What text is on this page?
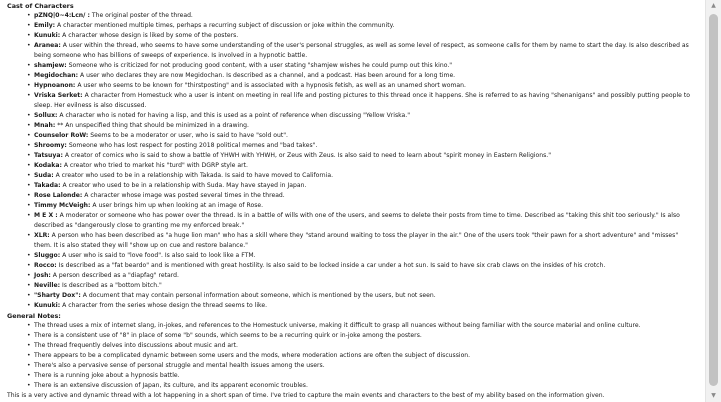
Cast of Characters
• pZNQ|0~4:Lcn/ : The original poster of the thread.
• Emily: A character mentioned multiple times, perhaps a recurring subject of discussion or joke within the community.
• Kunuki: A character whose design is liked by some of the posters.
• Aranea: A user within the thread, who seems to have some understanding of the user's personal struggles, as well as some level of respect, as someone calls for them by name to start the day. Is also described as being someone who has billions of sweeps of experience. Is involved in a hypnotic battle.
• shamjew: Someone who is criticized for not producing good content, with a user stating "shamjew wishes he could pump out this kino."
• Megidochan: A user who declares they are now Megidochan. Is described as a channel, and a podcast. Has been around for a long time.
• Hypnoanon: A user who seems to be known for "thirstposting" and is associated with a hypnosis fetish, as well as an unamed short woman.
• Vriska Serket: A character from Homestuck who a user is intent on meeting in real life and posting pictures to this thread once it happens. She is referred to as having "shenanigans" and possibly putting people to sleep. Her evilness is also discussed.
• Sollux: A character who is noted for having a lisp, and this is used as a point of reference when discussing "Yellow Vriska."
• Mnah: ** An unspecified thing that should be minimized in a drawing.
• Counselor RoW: Seems to be a moderator or user, who is said to have "sold out".
• Shroomy: Someone who has lost respect for posting 2018 political memes and "bad takes".
• Tatsuya: A creator of comics who is said to show a battle of YHWH with YHWH, or Zeus with Zeus. Is also said to need to learn about "spirit money in Eastern Religions."
• Kodaka: A creator who tried to market his "turd" with DGRP style art.
• Suda: A creator who used to be in a relationship with Takada. Is said to have moved to California.
• Takada: A creator who used to be in a relationship with Suda. May have stayed in Japan.
• Rose Lalonde: A character whose image was posted several times in the thread.
• Timmy McVeigh: A user brings him up when looking at an image of Rose.
• M E X : A moderator or someone who has power over the thread. Is in a battle of wills with one of the users, and seems to delete their posts from time to time. Described as "taking this shit too seriously." Is also described as "dangerously close to granting me my enforced break."
• XLR: A person who has been described as "a huge lion man" who has a skill where they "stand around waiting to toss the player in the air." One of the users took "their pawn for a short adventure" and "misses" them. It is also stated they will "show up on cue and restore balance."
• Sluggo: A user who is said to "love food". Is also said to look like a FTM.
• Rocco: Is described as a "fat beardo" and is mentioned with great hostility. Is also said to be locked inside a car under a hot sun. Is said to have six crab claws on the insides of his crotch.
• Josh: A person described as a "diapfag" retard.
• Neville: Is described as a "bottom bitch."
• "Sharty Dox": A document that may contain personal information about someone, which is mentioned by the users, but not seen.
• Kunuki: A character from the series whose design the thread seems to like.
General Notes:
• The thread uses a mix of internet slang, in-jokes, and references to the Homestuck universe, making it difficult to grasp all nuances without being familiar with the source material and online culture.
• There is a consistent use of "8" in place of some "b" sounds, which seems to be a recurring quirk or in-joke among the posters.
• The thread frequently delves into discussions about music and art.
• There appears to be a complicated dynamic between some users and the mods, where moderation actions are often the subject of discussion.
• There's also a pervasive sense of personal struggle and mental health issues among the users.
• There is a running joke about a hypnosis battle.
• There is an extensive discussion of Japan, its culture, and its apparent economic troubles.
This is a very active and dynamic thread with a lot happening in a short span of time. I've tried to capture the main events and characters to the best of my ability based on the information given.
▲
▼
